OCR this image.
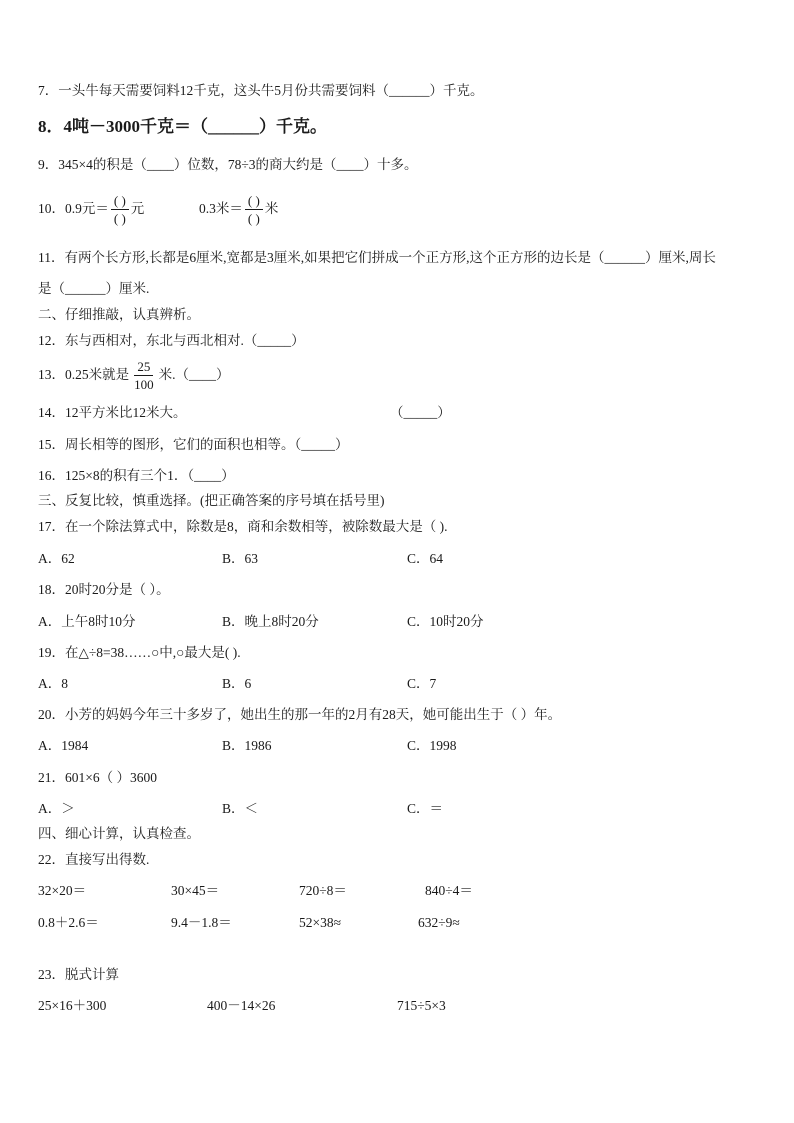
7．一头牛每天需要饲料12千克，这头牛5月份共需要饲料（______）千克。
8．4吨－3000千克＝（______）千克。
9．345×4的积是（____）位数，78÷3的商大约是（____）十多。
10．0.9元＝ $\frac{( )}{( )}$ 元	0.3米＝ $\frac{( )}{( )}$ 米
11．有两个长方形,长都是6厘米,宽都是3厘米,如果把它们拼成一个正方形,这个正方形的边长是（______）厘米,周长
是（______）厘米.
二、仔细推敲，认真辨析。
12．东与西相对，东北与西北相对.（_____）
13．0.25米就是 $\frac{25}{100}$ 米.（____）
14．12平方米比12米大。	（_____）
15．周长相等的图形，它们的面积也相等。（_____）
16．125×8的积有三个1．（____）
三、反复比较，慎重选择。(把正确答案的序号填在括号里)
17．在一个除法算式中，除数是8，商和余数相等，被除数最大是（ ).
A．62	B．63	C．64
18．20时20分是（ ）。
A．上午8时10分	B．晚上8时20分	C．10时20分
19．在△÷8=38……○中,○最大是( ).
A．8	B．6	C．7
20．小芳的妈妈今年三十多岁了，她出生的那一年的2月有28天，她可能出生于（ ）年。
A．1984	B．1986	C．1998
21．601×6（ ）3600
A．＞	B．＜	C．＝
四、细心计算，认真检查。
22．直接写出得数.
32×20＝	30×45＝	720÷8＝	840÷4＝
0.8＋2.6＝	9.4－1.8＝	52×38≈	632÷9≈
23．脱式计算
25×16＋300	400－14×26	715÷5×3
